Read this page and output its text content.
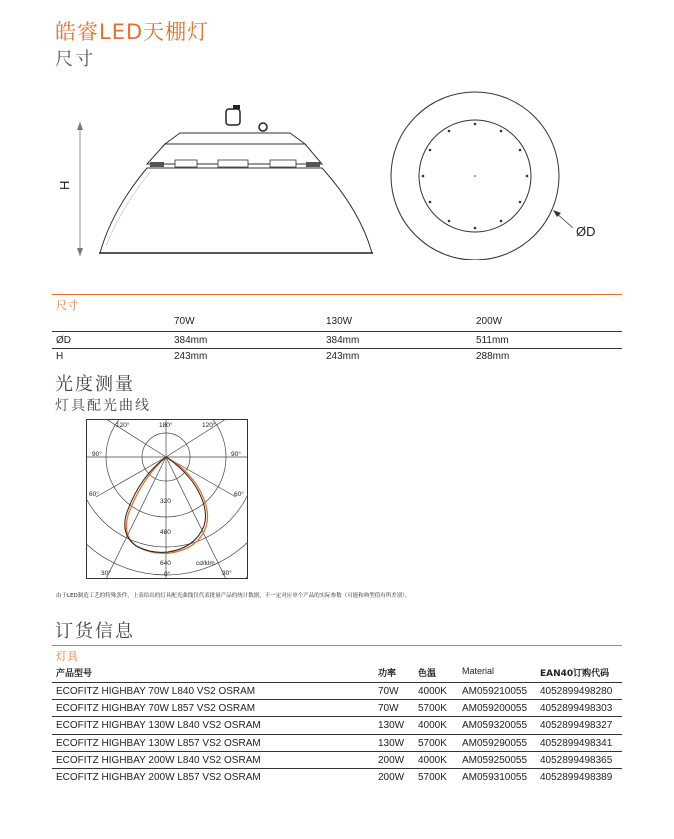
皓睿LED天棚灯
尺寸
H
ØD
尺寸
70W	130W	200W
ØD	384mm	384mm	511mm
H	243mm	243mm	288mm
光度测量
灯具配光曲线
120°	180°	120°
90°	90°
60°	60°
30°	0°	30°
320
480
640	cd/klm
由于LED制造工艺的特殊条件，上表给出的灯具配光曲线仅代表批量产品的统计数据，不一定对应单个产品的实际参数（可能和典型值有所差别）。
订货信息
灯具
产品型号	功率 色温	Material	EAN40订购代码
ECOFITZ HIGHBAY 70W L840 VS2 OSRAM	70W 4000K AM059210055 4052899498280
ECOFITZ HIGHBAY 70W L857 VS2 OSRAM	70W 5700K AM059200055 4052899498303
ECOFITZ HIGHBAY 130W L840 VS2 OSRAM	130W 4000K AM059320055 4052899498327
ECOFITZ HIGHBAY 130W L857 VS2 OSRAM	130W 5700K AM059290055 4052899498341
ECOFITZ HIGHBAY 200W L840 VS2 OSRAM	200W 4000K AM059250055 4052899498365
ECOFITZ HIGHBAY 200W L857 VS2 OSRAM	200W 5700K AM059310055 4052899498389
